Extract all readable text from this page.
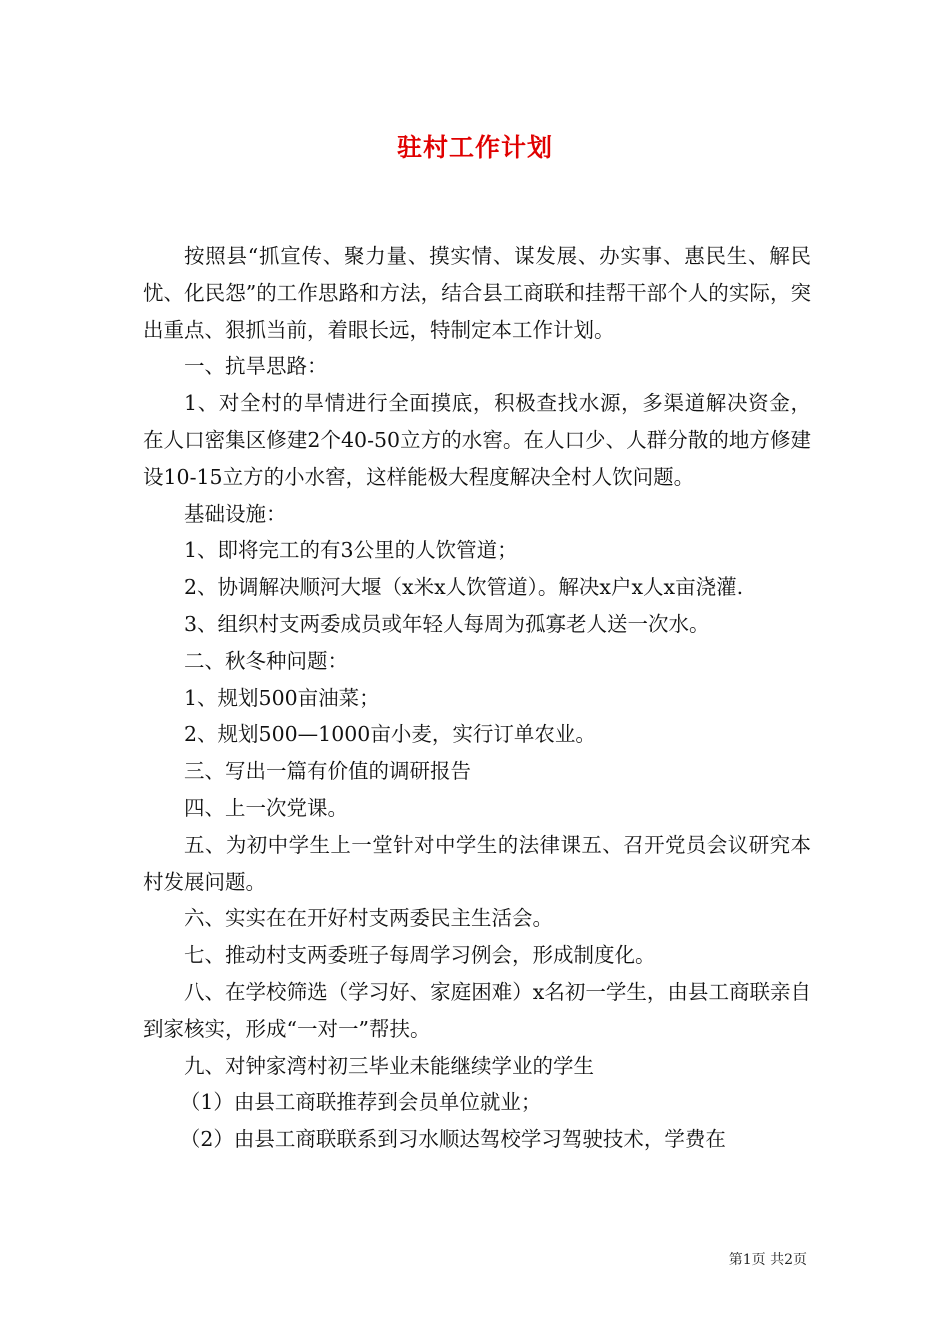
驻村工作计划

按照县“抓宣传、聚力量、摸实情、谋发展、办实事、惠民生、解民忧、化民怨”的工作思路和方法，结合县工商联和挂帮干部个人的实际，突出重点、狠抓当前，着眼长远，特制定本工作计划。

一、抗旱思路：

1、对全村的旱情进行全面摸底，积极查找水源，多渠道解决资金，在人口密集区修建2个40-50立方的水窖。在人口少、人群分散的地方修建设10-15立方的小水窖，这样能极大程度解决全村人饮问题。

基础设施：

1、即将完工的有3公里的人饮管道；

2、协调解决顺河大堰（x米x人饮管道）。解决x户x人x亩浇灌.

3、组织村支两委成员或年轻人每周为孤寡老人送一次水。

二、秋冬种问题：

1、规划500亩油菜；

2、规划500—1000亩小麦，实行订单农业。

三、写出一篇有价值的调研报告

四、上一次党课。

五、为初中学生上一堂针对中学生的法律课五、召开党员会议研究本村发展问题。

六、实实在在开好村支两委民主生活会。

七、推动村支两委班子每周学习例会，形成制度化。

八、在学校筛选（学习好、家庭困难）x名初一学生，由县工商联亲自到家核实，形成“一对一”帮扶。

九、对钟家湾村初三毕业未能继续学业的学生

（1）由县工商联推荐到会员单位就业；

（2）由县工商联联系到习水顺达驾校学习驾驶技术，学费在

第1页 共2页
